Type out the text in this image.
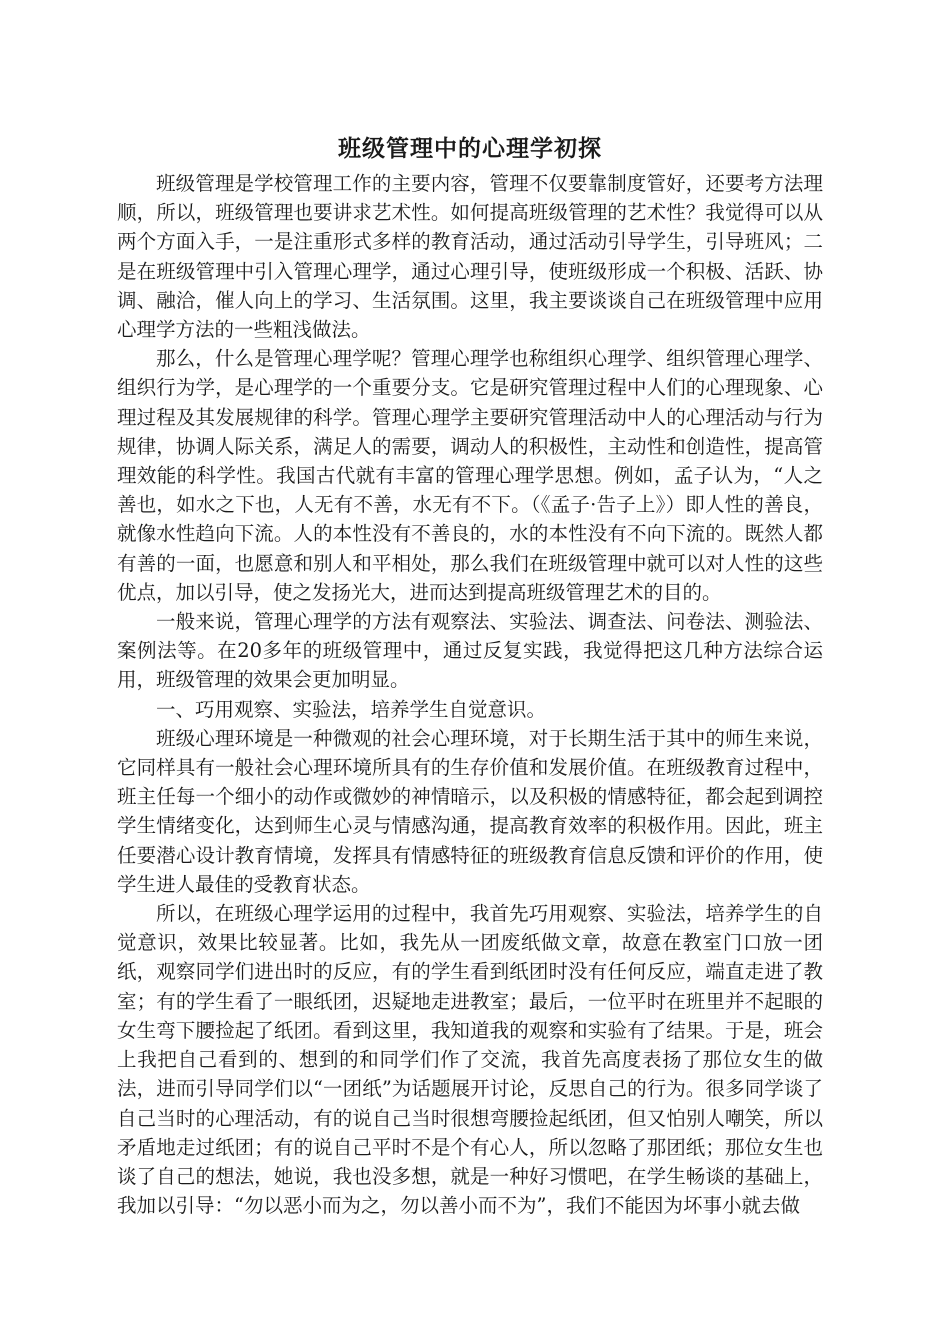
班级管理中的心理学初探

班级管理是学校管理工作的主要内容，管理不仅要靠制度管好，还要考方法理顺，所以，班级管理也要讲求艺术性。如何提高班级管理的艺术性？我觉得可以从两个方面入手，一是注重形式多样的教育活动，通过活动引导学生，引导班风；二是在班级管理中引入管理心理学，通过心理引导，使班级形成一个积极、活跃、协调、融洽，催人向上的学习、生活氛围。这里，我主要谈谈自己在班级管理中应用心理学方法的一些粗浅做法。

那么，什么是管理心理学呢？管理心理学也称组织心理学、组织管理心理学、组织行为学，是心理学的一个重要分支。它是研究管理过程中人们的心理现象、心理过程及其发展规律的科学。管理心理学主要研究管理活动中人的心理活动与行为规律，协调人际关系，满足人的需要，调动人的积极性，主动性和创造性，提高管理效能的科学性。我国古代就有丰富的管理心理学思想。例如，孟子认为，“人之善也，如水之下也，人无有不善，水无有不下。（《孟子·告子上》）即人性的善良，就像水性趋向下流。人的本性没有不善良的，水的本性没有不向下流的。既然人都有善的一面，也愿意和别人和平相处，那么我们在班级管理中就可以对人性的这些优点，加以引导，使之发扬光大，进而达到提高班级管理艺术的目的。

一般来说，管理心理学的方法有观察法、实验法、调查法、问卷法、测验法、案例法等。在20多年的班级管理中，通过反复实践，我觉得把这几种方法综合运用，班级管理的效果会更加明显。

一、巧用观察、实验法，培养学生自觉意识。

班级心理环境是一种微观的社会心理环境，对于长期生活于其中的师生来说，它同样具有一般社会心理环境所具有的生存价值和发展价值。在班级教育过程中，班主任每一个细小的动作或微妙的神情暗示，以及积极的情感特征，都会起到调控学生情绪变化，达到师生心灵与情感沟通，提高教育效率的积极作用。因此，班主任要潜心设计教育情境，发挥具有情感特征的班级教育信息反馈和评价的作用，使学生进人最佳的受教育状态。

所以，在班级心理学运用的过程中，我首先巧用观察、实验法，培养学生的自觉意识，效果比较显著。比如，我先从一团废纸做文章，故意在教室门口放一团纸，观察同学们进出时的反应，有的学生看到纸团时没有任何反应，端直走进了教室；有的学生看了一眼纸团，迟疑地走进教室；最后，一位平时在班里并不起眼的女生弯下腰捡起了纸团。看到这里，我知道我的观察和实验有了结果。于是，班会上我把自己看到的、想到的和同学们作了交流，我首先高度表扬了那位女生的做法，进而引导同学们以“一团纸”为话题展开讨论，反思自己的行为。很多同学谈了自己当时的心理活动，有的说自己当时很想弯腰捡起纸团，但又怕别人嘲笑，所以矛盾地走过纸团；有的说自己平时不是个有心人，所以忽略了那团纸；那位女生也谈了自己的想法，她说，我也没多想，就是一种好习惯吧，在学生畅谈的基础上，我加以引导：“勿以恶小而为之，勿以善小而不为”，我们不能因为坏事小就去做
